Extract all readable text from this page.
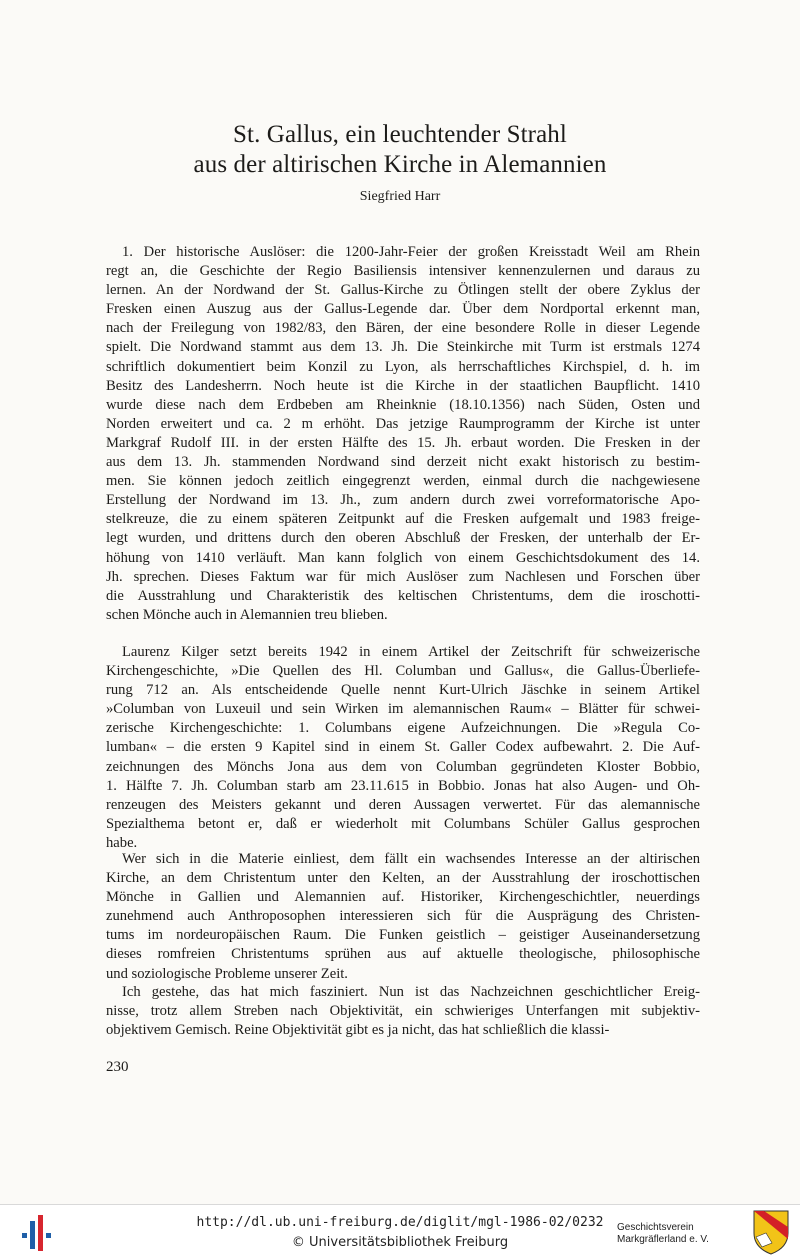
St. Gallus, ein leuchtender Strahl
aus der altirischen Kirche in Alemannien
Siegfried Harr

1. Der historische Auslöser: die 1200-Jahr-Feier der großen Kreisstadt Weil am Rhein

regt an, die Geschichte der Regio Basiliensis intensiver kennenzulernen und daraus zu

lernen. An der Nordwand der St. Gallus-Kirche zu Ötlingen stellt der obere Zyklus der

Fresken einen Auszug aus der Gallus-Legende dar. Über dem Nordportal erkennt man,

nach der Freilegung von 1982/83, den Bären, der eine besondere Rolle in dieser Legende

spielt. Die Nordwand stammt aus dem 13. Jh. Die Steinkirche mit Turm ist erstmals 1274

schriftlich dokumentiert beim Konzil zu Lyon, als herrschaftliches Kirchspiel, d. h. im

Besitz des Landesherrn. Noch heute ist die Kirche in der staatlichen Baupflicht. 1410

wurde diese nach dem Erdbeben am Rheinknie (18.10.1356) nach Süden, Osten und

Norden erweitert und ca. 2 m erhöht. Das jetzige Raumprogramm der Kirche ist unter

Markgraf Rudolf III. in der ersten Hälfte des 15. Jh. erbaut worden. Die Fresken in der

aus dem 13. Jh. stammenden Nordwand sind derzeit nicht exakt historisch zu bestim-

men. Sie können jedoch zeitlich eingegrenzt werden, einmal durch die nachgewiesene

Erstellung der Nordwand im 13. Jh., zum andern durch zwei vorreformatorische Apo-

stelkreuze, die zu einem späteren Zeitpunkt auf die Fresken aufgemalt und 1983 freige-

legt wurden, und drittens durch den oberen Abschluß der Fresken, der unterhalb der Er-

höhung von 1410 verläuft. Man kann folglich von einem Geschichtsdokument des 14.

Jh. sprechen. Dieses Faktum war für mich Auslöser zum Nachlesen und Forschen über

die Ausstrahlung und Charakteristik des keltischen Christentums, dem die iroschotti-

schen Mönche auch in Alemannien treu blieben.

Laurenz Kilger setzt bereits 1942 in einem Artikel der Zeitschrift für schweizerische

Kirchengeschichte, »Die Quellen des Hl. Columban und Gallus«, die Gallus-Überliefe-

rung 712 an. Als entscheidende Quelle nennt Kurt-Ulrich Jäschke in seinem Artikel

»Columban von Luxeuil und sein Wirken im alemannischen Raum« – Blätter für schwei-

zerische Kirchengeschichte: 1. Columbans eigene Aufzeichnungen. Die »Regula Co-

lumban« – die ersten 9 Kapitel sind in einem St. Galler Codex aufbewahrt. 2. Die Auf-

zeichnungen des Mönchs Jona aus dem von Columban gegründeten Kloster Bobbio,

1. Hälfte 7. Jh. Columban starb am 23.11.615 in Bobbio. Jonas hat also Augen- und Oh-

renzeugen des Meisters gekannt und deren Aussagen verwertet. Für das alemannische

Spezialthema betont er, daß er wiederholt mit Columbans Schüler Gallus gesprochen

habe.

Wer sich in die Materie einliest, dem fällt ein wachsendes Interesse an der altirischen

Kirche, an dem Christentum unter den Kelten, an der Ausstrahlung der iroschottischen

Mönche in Gallien und Alemannien auf. Historiker, Kirchengeschichtler, neuerdings

zunehmend auch Anthroposophen interessieren sich für die Ausprägung des Christen-

tums im nordeuropäischen Raum. Die Funken geistlich – geistiger Auseinandersetzung

dieses romfreien Christentums sprühen aus auf aktuelle theologische, philosophische

und soziologische Probleme unserer Zeit.

Ich gestehe, das hat mich fasziniert. Nun ist das Nachzeichnen geschichtlicher Ereig-

nisse, trotz allem Streben nach Objektivität, ein schwieriges Unterfangen mit subjektiv-

objektivem Gemisch. Reine Objektivität gibt es ja nicht, das hat schließlich die klassi-

230
http://dl.ub.uni-freiburg.de/diglit/mgl-1986-02/0232
© Universitätsbibliothek Freiburg
Geschichtsverein
Markgräflerland e. V.
